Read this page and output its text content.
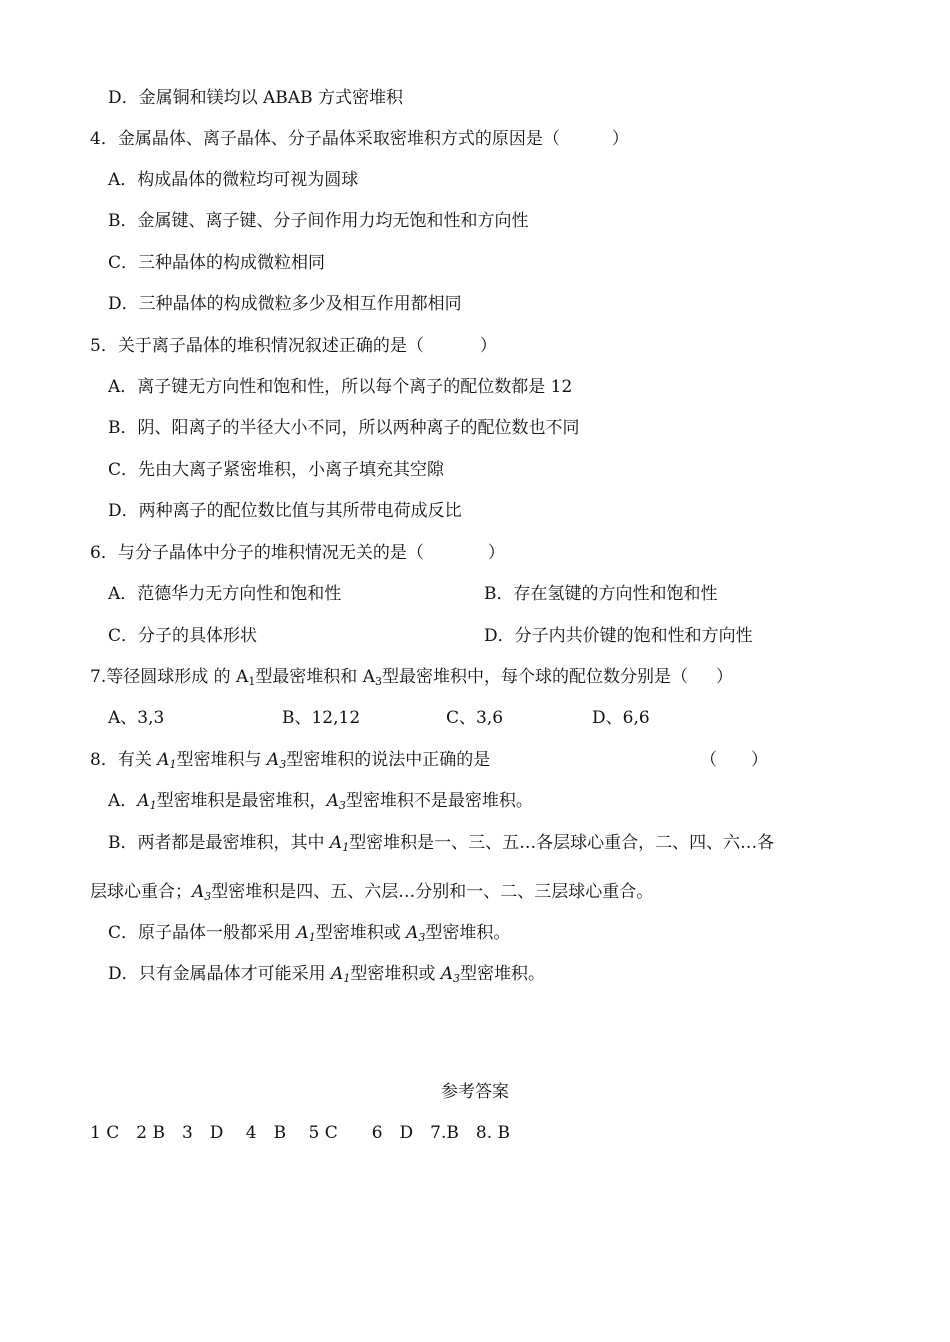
D．金属铜和镁均以 ABAB 方式密堆积
4．金属晶体、离子晶体、分子晶体采取密堆积方式的原因是（	）
A．构成晶体的微粒均可视为圆球
B．金属键、离子键、分子间作用力均无饱和性和方向性
C．三种晶体的构成微粒相同
D．三种晶体的构成微粒多少及相互作用都相同
5．关于离子晶体的堆积情况叙述正确的是（	）
A．离子键无方向性和饱和性，所以每个离子的配位数都是 12
B．阴、阳离子的半径大小不同，所以两种离子的配位数也不同
C．先由大离子紧密堆积，小离子填充其空隙
D．两种离子的配位数比值与其所带电荷成反比
6．与分子晶体中分子的堆积情况无关的是（	）
A．范德华力无方向性和饱和性	B．存在氢键的方向性和饱和性
C．分子的具体形状	D．分子内共价键的饱和性和方向性
7.等径圆球形成 的 $A_1$型最密堆积和 $A_3$型最密堆积中，每个球的配位数分别是（ ）
A、3,3	B、12,12	C、3,6	D、6,6
8．有关 $A_1$型密堆积与 $A_3$型密堆积的说法中正确的是	（　　）
A．$A_1$型密堆积是最密堆积，$A_3$型密堆积不是最密堆积。
B．两者都是最密堆积，其中 $A_1$型密堆积是一、三、五…各层球心重合，二、四、六…各
层球心重合；$A_3$型密堆积是四、五、六层…分别和一、二、三层球心重合。
C．原子晶体一般都采用 $A_1$型密堆积或 $A_3$型密堆积。
D．只有金属晶体才可能采用 $A_1$型密堆积或 $A_3$型密堆积。
参考答案
1 C　2 B　3　D　 4　B　 5 C　　6　D　7.B　8. B
